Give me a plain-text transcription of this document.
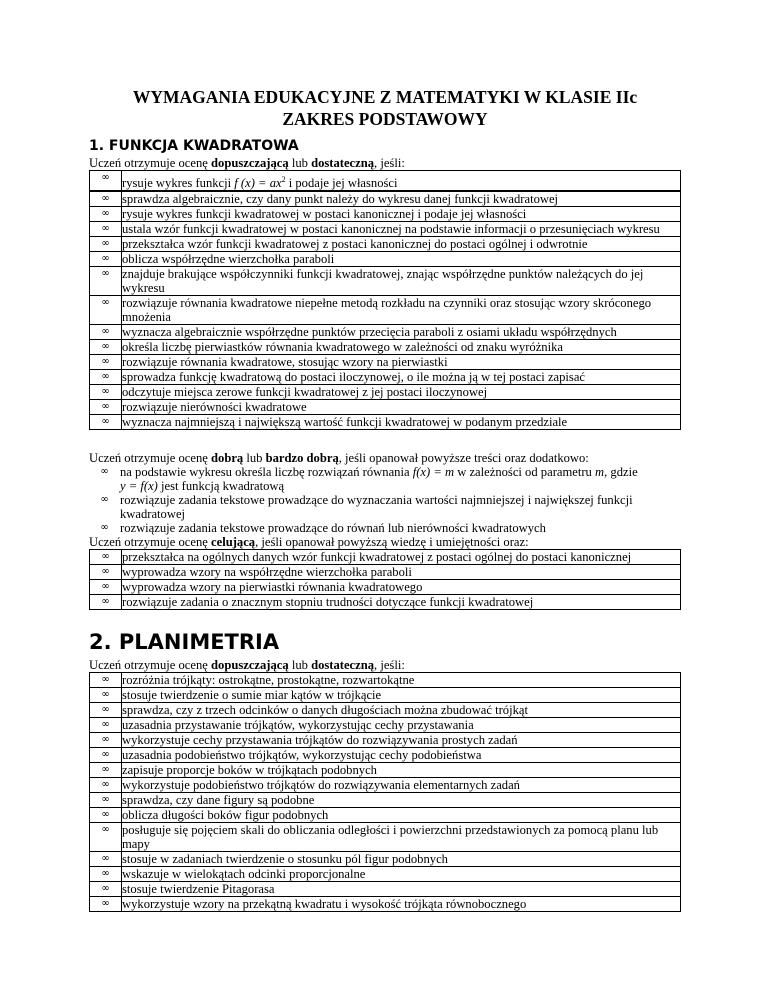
WYMAGANIA EDUKACYJNE Z MATEMATYKI W KLASIE IIc
ZAKRES PODSTAWOWY
1. FUNKCJA KWADRATOWA
Uczeń otrzymuje ocenę dopuszczającą lub dostateczną, jeśli:
∞	rysuje wykres funkcji f $(x) = ax^2$ i podaje jej własności
∞	sprawdza algebraicznie, czy dany punkt należy do wykresu danej funkcji kwadratowej
∞	rysuje wykres funkcji kwadratowej w postaci kanonicznej i podaje jej własności
∞	ustala wzór funkcji kwadratowej w postaci kanonicznej na podstawie informacji o przesunięciach wykresu
∞	przekształca wzór funkcji kwadratowej z postaci kanonicznej do postaci ogólnej i odwrotnie
∞	oblicza współrzędne wierzchołka paraboli
∞	znajduje brakujące współczynniki funkcji kwadratowej, znając współrzędne punktów należących do jej wykresu
∞	rozwiązuje równania kwadratowe niepełne metodą rozkładu na czynniki oraz stosując wzory skróconego mnożenia
∞	wyznacza algebraicznie współrzędne punktów przecięcia paraboli z osiami układu współrzędnych
∞	określa liczbę pierwiastków równania kwadratowego w zależności od znaku wyróżnika
∞	rozwiązuje równania kwadratowe, stosując wzory na pierwiastki
∞	sprowadza funkcję kwadratową do postaci iloczynowej, o ile można ją w tej postaci zapisać
∞	odczytuje miejsca zerowe funkcji kwadratowej z jej postaci iloczynowej
∞	rozwiązuje nierówności kwadratowe
∞	wyznacza najmniejszą i największą wartość funkcji kwadratowej w podanym przedziale
Uczeń otrzymuje ocenę dobrą lub bardzo dobrą, jeśli opanował powyższe treści oraz dodatkowo:
∞ na podstawie wykresu określa liczbę rozwiązań równania f(x) = m w zależności od parametru m, gdzie
y = f(x) jest funkcją kwadratową
∞ rozwiązuje zadania tekstowe prowadzące do wyznaczania wartości najmniejszej i największej funkcji kwadratowej
∞ rozwiązuje zadania tekstowe prowadzące do równań lub nierówności kwadratowych
Uczeń otrzymuje ocenę celującą, jeśli opanował powyższą wiedzę i umiejętności oraz:
∞	przekształca na ogólnych danych wzór funkcji kwadratowej z postaci ogólnej do postaci kanonicznej
∞	wyprowadza wzory na współrzędne wierzchołka paraboli
∞	wyprowadza wzory na pierwiastki równania kwadratowego
∞	rozwiązuje zadania o znacznym stopniu trudności dotyczące funkcji kwadratowej
2. PLANIMETRIA
Uczeń otrzymuje ocenę dopuszczającą lub dostateczną, jeśli:
∞	rozróżnia trójkąty: ostrokątne, prostokątne, rozwartokątne
∞	stosuje twierdzenie o sumie miar kątów w trójkącie
∞	sprawdza, czy z trzech odcinków o danych długościach można zbudować trójkąt
∞	uzasadnia przystawanie trójkątów, wykorzystując cechy przystawania
∞	wykorzystuje cechy przystawania trójkątów do rozwiązywania prostych zadań
∞	uzasadnia podobieństwo trójkątów, wykorzystując cechy podobieństwa
∞	zapisuje proporcje boków w trójkątach podobnych
∞	wykorzystuje podobieństwo trójkątów do rozwiązywania elementarnych zadań
∞	sprawdza, czy dane figury są podobne
∞	oblicza długości boków figur podobnych
∞	posługuje się pojęciem skali do obliczania odległości i powierzchni przedstawionych za pomocą planu lub mapy
∞	stosuje w zadaniach twierdzenie o stosunku pól figur podobnych
∞	wskazuje w wielokątach odcinki proporcjonalne
∞	stosuje twierdzenie Pitagorasa
∞	wykorzystuje wzory na przekątną kwadratu i wysokość trójkąta równobocznego
